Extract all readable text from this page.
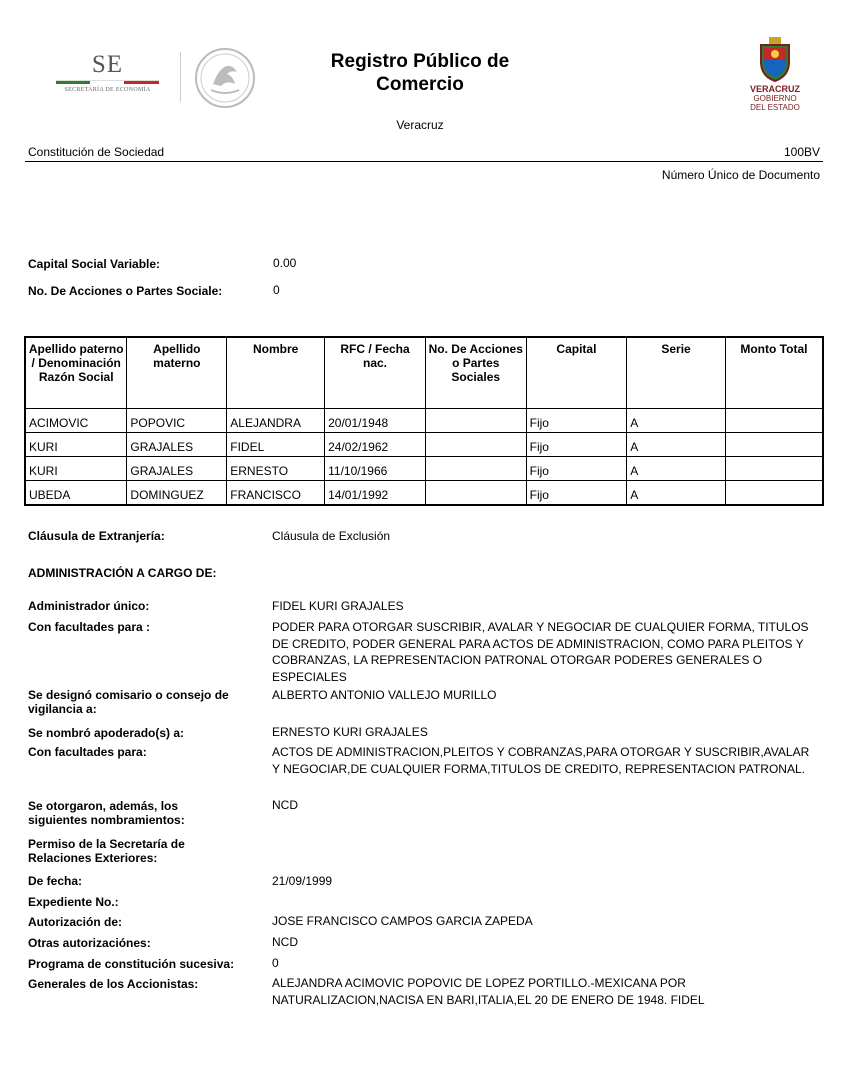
SE
SECRETARÍA DE ECONOMÍA
Registro Público de
Comercio
Veracruz
VERACRUZ
GOBIERNO
DEL ESTADO
Constitución de Sociedad	100BV
Número Único de Documento
Capital Social Variable:	0.00
No. De Acciones o Partes Sociale:	0
Apellido paterno / Denominación Razón Social	Apellido materno	Nombre	RFC / Fecha nac.	No. De Acciones o Partes Sociales	Capital	Serie	Monto Total
ACIMOVIC	POPOVIC	ALEJANDRA	20/01/1948		Fijo	A	
KURI	GRAJALES	FIDEL	24/02/1962		Fijo	A	
KURI	GRAJALES	ERNESTO	11/10/1966		Fijo	A	
UBEDA	DOMINGUEZ	FRANCISCO	14/01/1992		Fijo	A	
Cláusula de Extranjería:	Cláusula de Exclusión
ADMINISTRACIÓN A CARGO DE:
Administrador único:	FIDEL KURI GRAJALES
Con facultades para :	PODER PARA OTORGAR SUSCRIBIR, AVALAR Y NEGOCIAR DE CUALQUIER FORMA, TITULOS DE CREDITO, PODER GENERAL PARA ACTOS DE ADMINISTRACION, COMO PARA PLEITOS Y COBRANZAS, LA REPRESENTACION PATRONAL OTORGAR PODERES GENERALES O ESPECIALES
Se designó comisario o consejo de vigilancia a:
ALBERTO ANTONIO VALLEJO MURILLO
Se nombró apoderado(s) a:	ERNESTO KURI GRAJALES
Con facultades para:	ACTOS DE ADMINISTRACION,PLEITOS Y COBRANZAS,PARA OTORGAR Y SUSCRIBIR,AVALAR Y NEGOCIAR,DE CUALQUIER FORMA,TITULOS DE CREDITO, REPRESENTACION PATRONAL.
Se otorgaron, además, los siguientes nombramientos:
NCD
Permiso de la Secretaría de Relaciones Exteriores:
De fecha:	21/09/1999
Expediente No.:
Autorización de:	JOSE FRANCISCO CAMPOS GARCIA ZAPEDA
Otras autorizaciónes:	NCD
Programa de constitución sucesiva:	0
Generales de los Accionistas:	ALEJANDRA ACIMOVIC POPOVIC DE LOPEZ PORTILLO.-MEXICANA POR NATURALIZACION,NACISA EN BARI,ITALIA,EL 20 DE ENERO DE 1948. FIDEL
